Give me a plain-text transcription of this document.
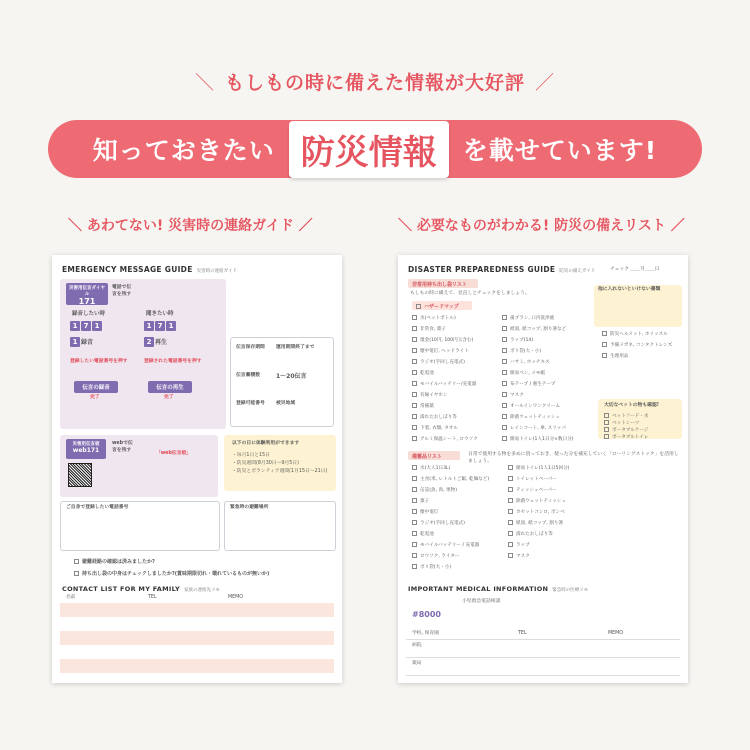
＼ もしもの時に備えた情報が大好評 ／
知っておきたい 防災情報	を載せています!
＼ あわてない! 災害時の連絡ガイド ／	＼ 必要なものがわかる! 防災の備えリスト ／
EMERGENCY MESSAGE GUIDE 災害時の連絡ガイド
災害用伝言ダイヤル
171
電話で伝言を残す
録音したい時	聞きたい時
1 7 1	1 7 1
1 録音	2 再生
登録したい電話番号を押す	登録された電話番号を押す
伝言の録音	伝言の再生
完了	完了
伝言保存期間 運用期間終了まで
伝言蓄積数	1〜20伝言
登録可能番号 被災地域
災害用伝言板
web171
webで伝言を残す
「web伝言板」
以下の日に体験利用ができます
・毎月1日と15日
・防災週間(8月30日〜9月5日)
・防災とボランティア週間(1月15日〜21日)
ご自身で登録したい電話番号	緊急時の避難場所
避難経路の確認は済みましたか?
持ち出し袋の中身はチェックしましたか?(賞味期限切れ・壊れているものが無いか)
CONTACT LIST FOR MY FAMILY 家族の連絡先メモ
名前	TEL	MEMO
DISASTER PREPAREDNESS GUIDE 防災の備えガイド	チェック ＿＿月＿＿日
非常用持ち出し袋リスト
もしもの時に備えて、見直しとチェックをしましょう。
ハザードマップ
水(ペットボトル)
非常食, 菓子
現金(10円, 100円玉含む)
懐中電灯, ヘッドライト
ラジオ(手回し充電式)
乾電池
モバイルバッテリー/充電器
有線イヤホン
常備薬
濡れたおしぼり等
下着, 衣類, タオル
アルミ保温シート, ロウソク
歯ブラシ, 口内洗浄液
紙皿, 紙コップ, 割り箸など
ラップ(14)
ポリ袋(大・小)
ハサミ, ホッチキス
簡易ペン, メモ帳
布テープ / 養生テープ
マスク
オールインワンクリーム
除菌ウェットティッシュ
レインコート, 傘, スリッパ
簡易トイレ(1人1日分×数日分)
他に入れないといけない書類
防災ヘルメット, ホイッスル
予備メガネ, コンタクトレンズ
生理用品
大切なペットの物も確認!
ペットフード・水
ペットシーツ
ポータブルケージ
ポータブルトイレ
備蓄品リスト	日常で使用する物を多めに買っておき、使った分を補充していく「ローリングストック」を活用しましょう。
水(大人1日3L)
主食(米, レトルトご飯, 乾麺など)
缶詰(魚, 肉, 果物)
菓子
懐中電灯
ラジオ(手回し充電式)
乾電池
モバイルバッテリー / 充電器
ロウソク, ライター
ポリ袋(大・小)
簡易トイレ(1人1日5回分)
トイレットペーパー
ティッシュペーパー
除菌ウェットティッシュ
カセットコンロ, ボンベ
紙皿, 紙コップ, 割り箸
濡れたおしぼり等
ラップ
マスク
IMPORTANT MEDICAL INFORMATION 緊急時の医療メモ
小児救急電話相談
#8000
学校, 保育園	TEL	MEMO
病院
薬局
